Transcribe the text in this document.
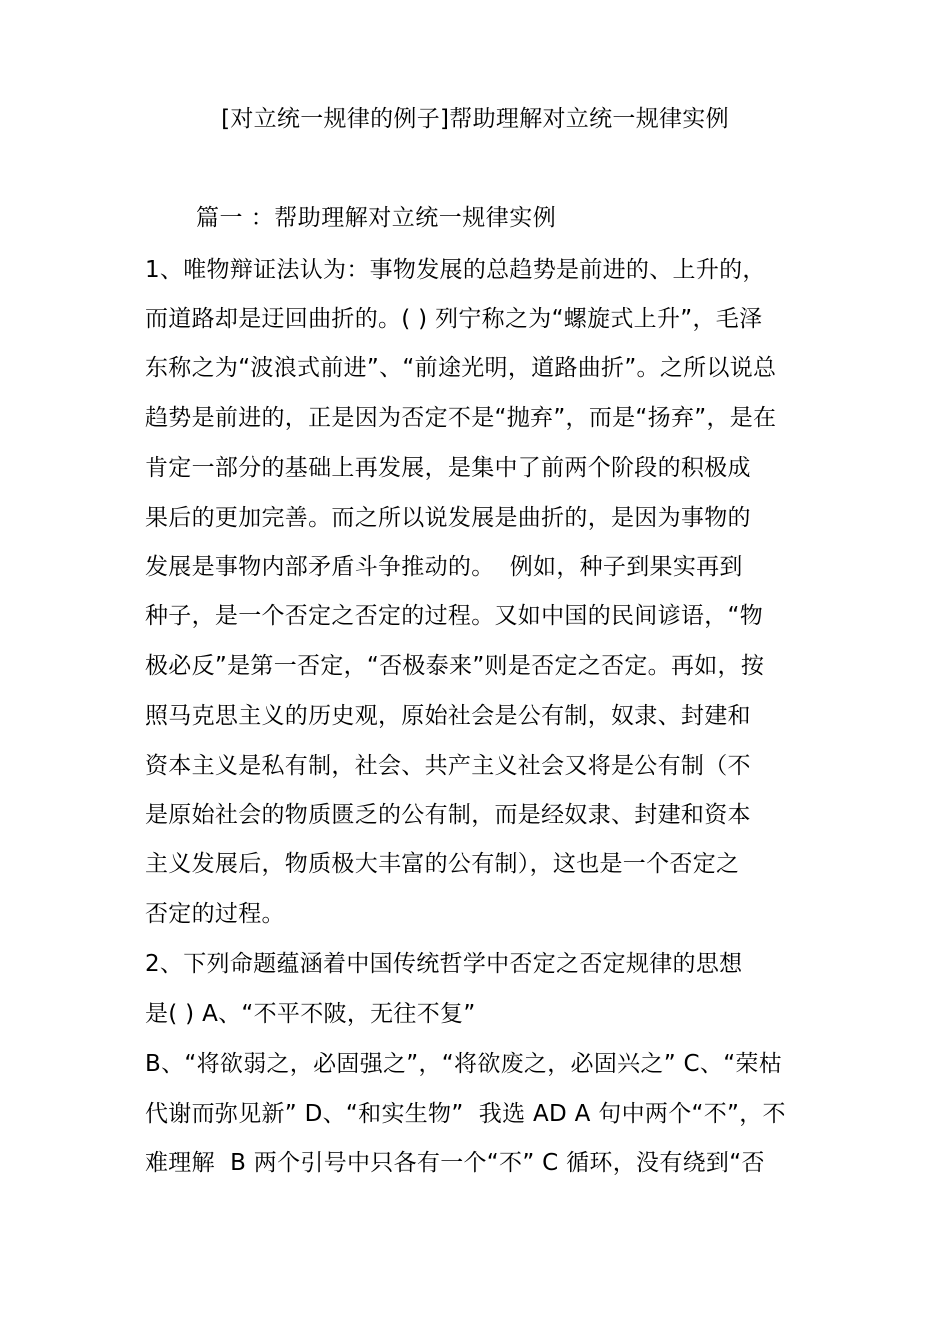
[对立统一规律的例子]帮助理解对立统一规律实例
篇一 ：帮助理解对立统一规律实例
1、唯物辩证法认为：事物发展的总趋势是前进的、上升的，
而道路却是迂回曲折的。( ) 列宁称之为“螺旋式上升”，毛泽
东称之为“波浪式前进”、“前途光明，道路曲折”。之所以说总
趋势是前进的，正是因为否定不是“抛弃”，而是“扬弃”，是在
肯定一部分的基础上再发展，是集中了前两个阶段的积极成
果后的更加完善。而之所以说发展是曲折的，是因为事物的
发展是事物内部矛盾斗争推动的。  例如，种子到果实再到
种子，是一个否定之否定的过程。又如中国的民间谚语，“物
极必反”是第一否定，“否极泰来”则是否定之否定。再如，按
照马克思主义的历史观，原始社会是公有制，奴隶、封建和
资本主义是私有制，社会、共产主义社会又将是公有制（不
是原始社会的物质匮乏的公有制，而是经奴隶、封建和资本
主义发展后，物质极大丰富的公有制），这也是一个否定之
否定的过程。
2、下列命题蕴涵着中国传统哲学中否定之否定规律的思想
是( ) A、“不平不陂，无往不复”
B、“将欲弱之，必固强之”，“将欲废之，必固兴之” C、“荣枯
代谢而弥见新” D、“和实生物”  我选 AD A 句中两个“不”，不
难理解  B 两个引号中只各有一个“不” C 循环，没有绕到“否
